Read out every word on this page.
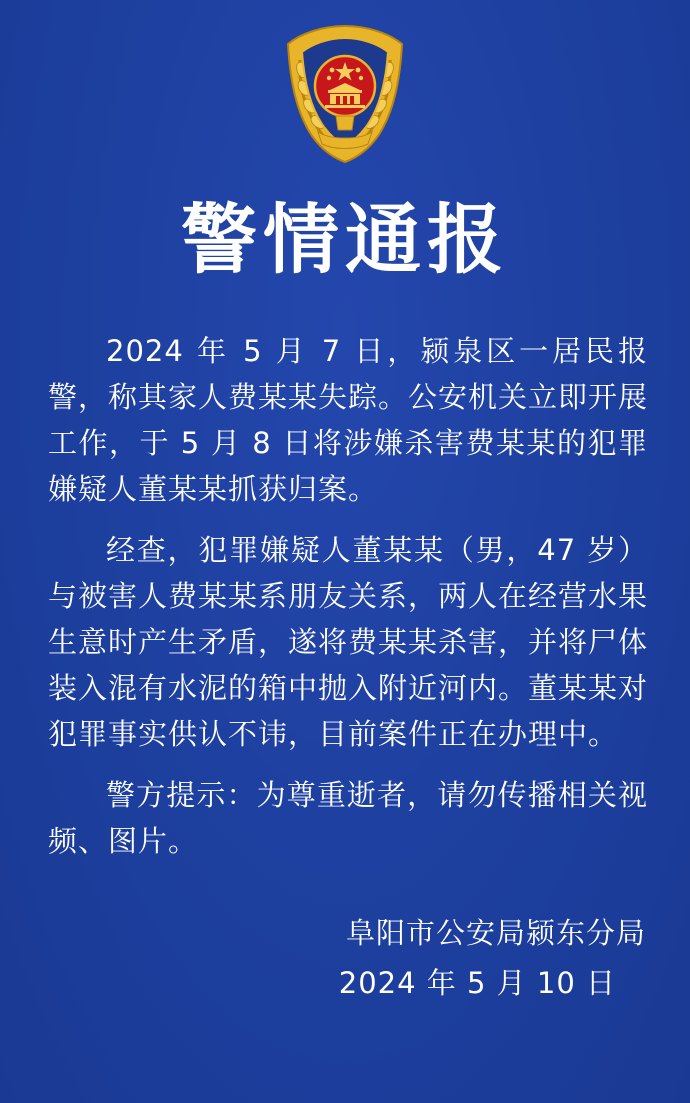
警情通报

2024 年 5 月 7 日，颍泉区一居民报警，称其家人费某某失踪。公安机关立即开展工作，于 5 月 8 日将涉嫌杀害费某某的犯罪嫌疑人董某某抓获归案。

经查，犯罪嫌疑人董某某（男，47 岁）与被害人费某某系朋友关系，两人在经营水果生意时产生矛盾，遂将费某某杀害，并将尸体装入混有水泥的箱中抛入附近河内。董某某对犯罪事实供认不讳，目前案件正在办理中。

警方提示：为尊重逝者，请勿传播相关视频、图片。

阜阳市公安局颍东分局
2024 年 5 月 10 日
